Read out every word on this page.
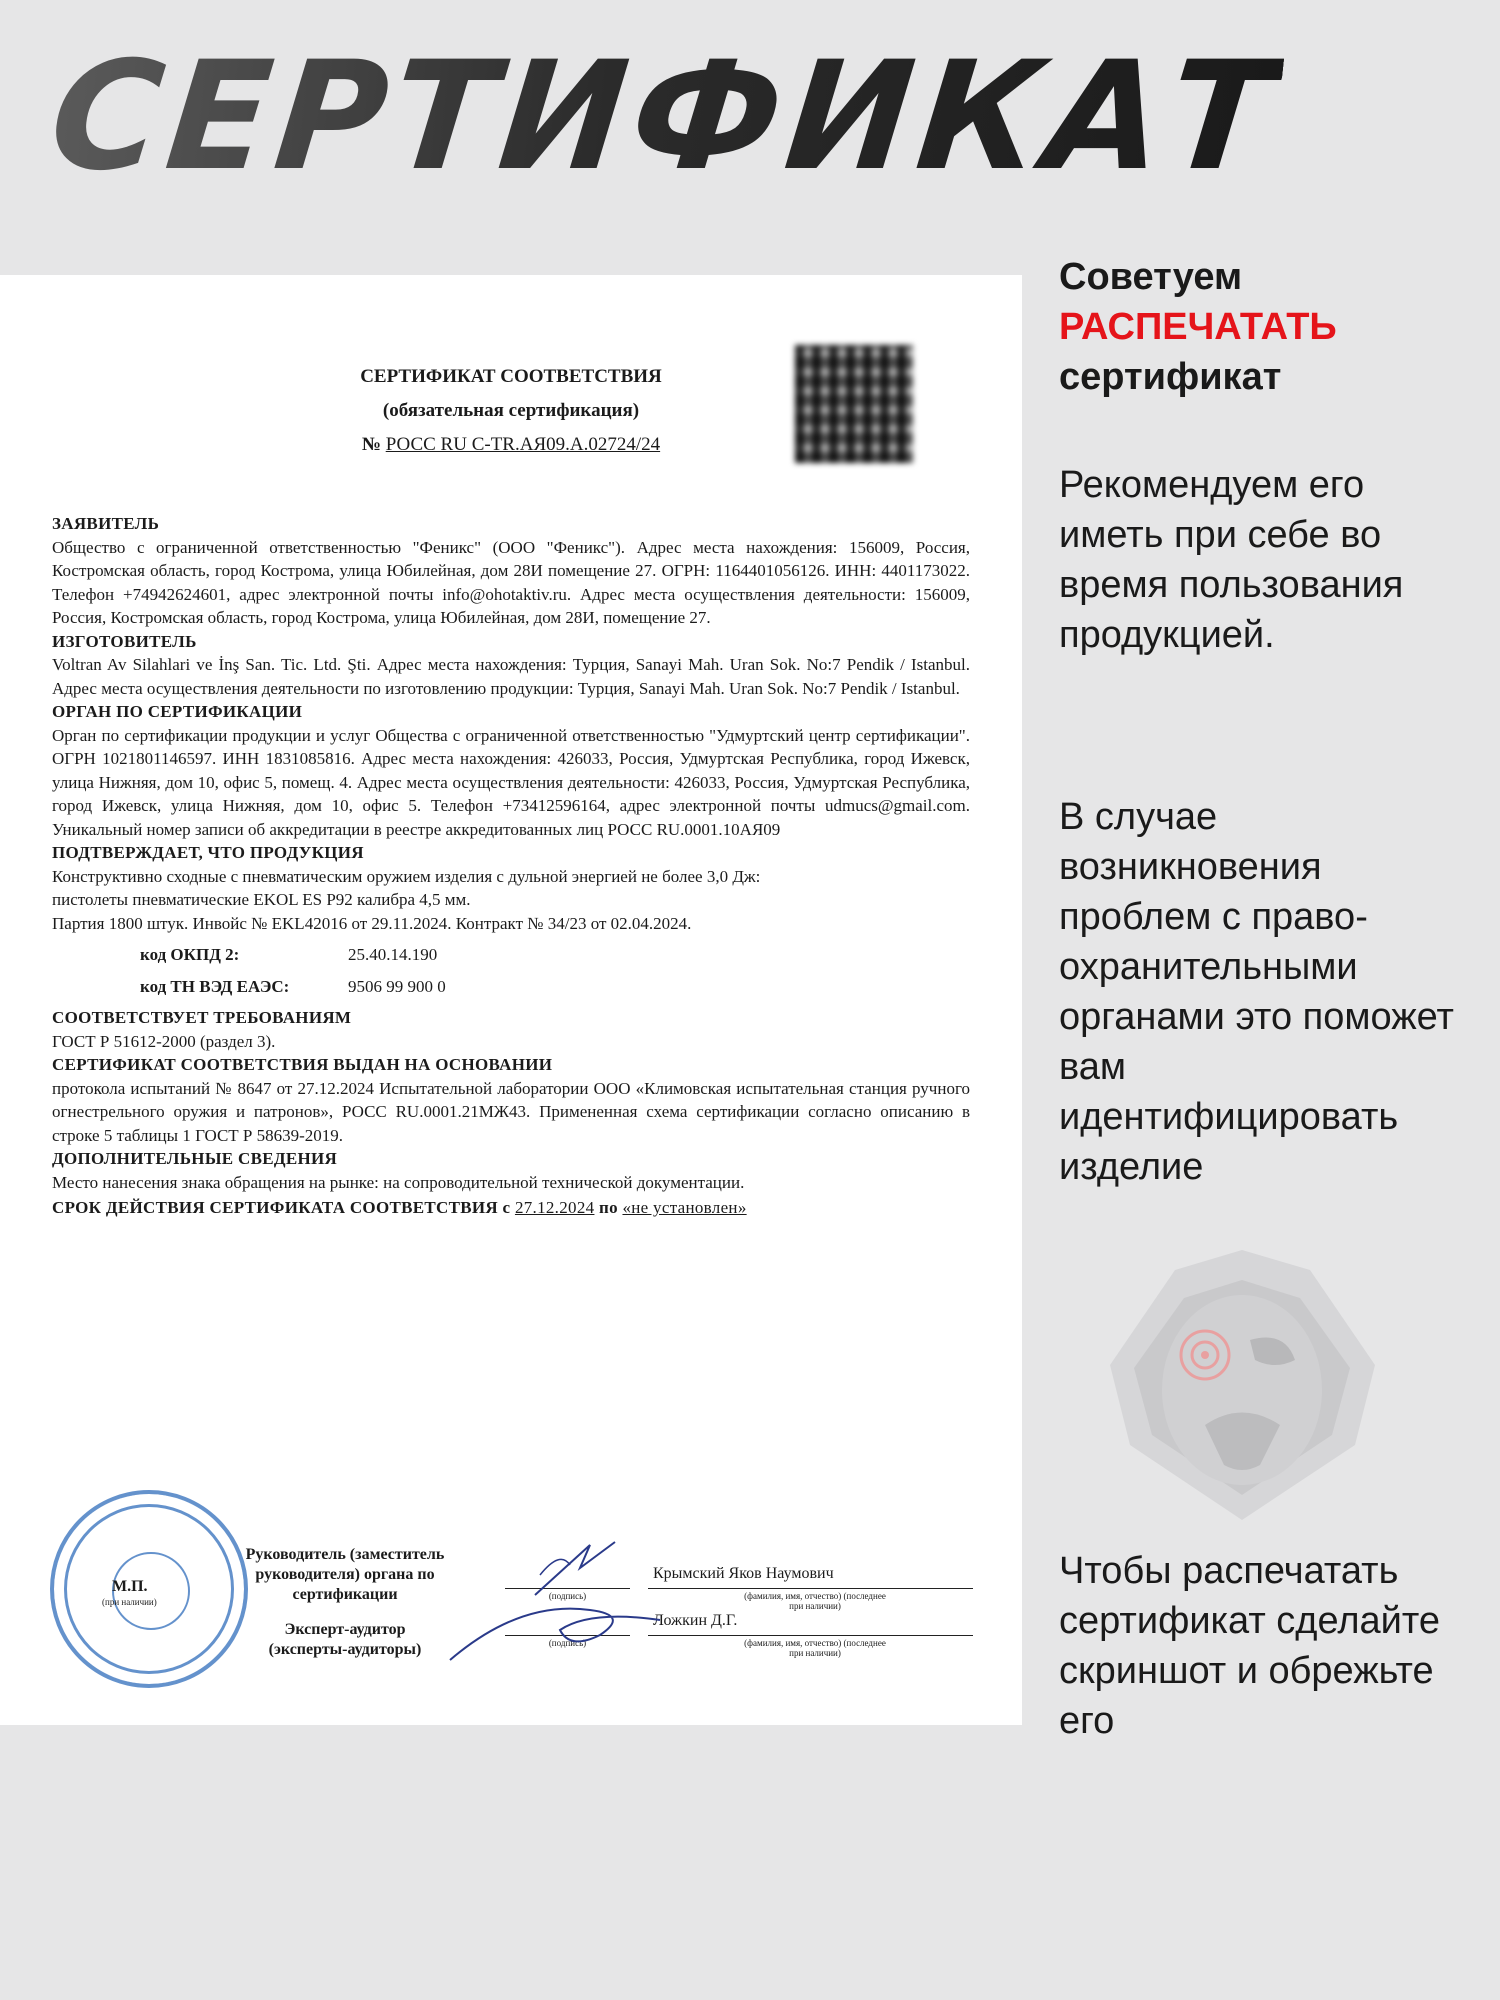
СЕРТИФИКАТ
СЕРТИФИКАТ СООТВЕТСТВИЯ
(обязательная сертификация)
№ РОСС RU С-TR.АЯ09.А.02724/24
ЗАЯВИТЕЛЬ
Общество с ограниченной ответственностью "Феникс" (ООО "Феникс"). Адрес места нахождения: 156009, Россия, Костромская область, город Кострома, улица Юбилейная, дом 28И помещение 27. ОГРН: 1164401056126. ИНН: 4401173022. Телефон +74942624601, адрес электронной почты info@ohotaktiv.ru. Адрес места осуществления деятельности: 156009, Россия, Костромская область, город Кострома, улица Юбилейная, дом 28И, помещение 27.
ИЗГОТОВИТЕЛЬ
Voltran Av Silahlari ve İnş San. Tic. Ltd. Şti. Адрес места нахождения: Турция, Sanayi Mah. Uran Sok. No:7 Pendik / Istanbul. Адрес места осуществления деятельности по изготовлению продукции: Турция, Sanayi Mah. Uran Sok. No:7 Pendik / Istanbul.
ОРГАН ПО СЕРТИФИКАЦИИ
Орган по сертификации продукции и услуг Общества с ограниченной ответственностью "Удмуртский центр сертификации". ОГРН 1021801146597. ИНН 1831085816. Адрес места нахождения: 426033, Россия, Удмуртская Республика, город Ижевск, улица Нижняя, дом 10, офис 5, помещ. 4. Адрес места осуществления деятельности: 426033, Россия, Удмуртская Республика, город Ижевск, улица Нижняя, дом 10, офис 5. Телефон +73412596164, адрес электронной почты udmucs@gmail.com. Уникальный номер записи об аккредитации в реестре аккредитованных лиц РОСС RU.0001.10АЯ09
ПОДТВЕРЖДАЕТ, ЧТО ПРОДУКЦИЯ
Конструктивно сходные с пневматическим оружием изделия с дульной энергией не более 3,0 Дж:
пистолеты пневматические EKOL ES P92 калибра 4,5 мм.
Партия 1800 штук. Инвойс № EKL42016 от 29.11.2024. Контракт № 34/23 от 02.04.2024.
код ОКПД 2:	25.40.14.190
код ТН ВЭД ЕАЭС:	9506 99 900 0
СООТВЕТСТВУЕТ ТРЕБОВАНИЯМ
ГОСТ Р 51612-2000 (раздел 3).
СЕРТИФИКАТ СООТВЕТСТВИЯ ВЫДАН НА ОСНОВАНИИ
протокола испытаний № 8647 от 27.12.2024 Испытательной лаборатории ООО «Климовская испытательная станция ручного огнестрельного оружия и патронов», РОСС RU.0001.21МЖ43. Примененная схема сертификации согласно описанию в строке 5 таблицы 1 ГОСТ Р 58639-2019.
ДОПОЛНИТЕЛЬНЫЕ СВЕДЕНИЯ
Место нанесения знака обращения на рынке: на сопроводительной технической документации.
СРОК ДЕЙСТВИЯ СЕРТИФИКАТА СООТВЕТСТВИЯ с 27.12.2024 по «не установлен»
М.П.
(при наличии)
Руководитель (заместитель руководителя) органа по сертификации
Эксперт-аудитор (эксперты-аудиторы)
(подпись)
Крымский Яков Наумович
(фамилия, имя, отчество) (последнее при наличии)
(подпись)
Ложкин Д.Г.
(фамилия, имя, отчество) (последнее при наличии)
Советуем
РАСПЕЧАТАТЬ
сертификат
Рекомендуем его иметь при себе во время пользования продукцией.
В случае возникновения проблем с право-охранительными органами это поможет вам идентифицировать изделие
Чтобы распечатать сертификат сделайте скриншот и обрежьте его
